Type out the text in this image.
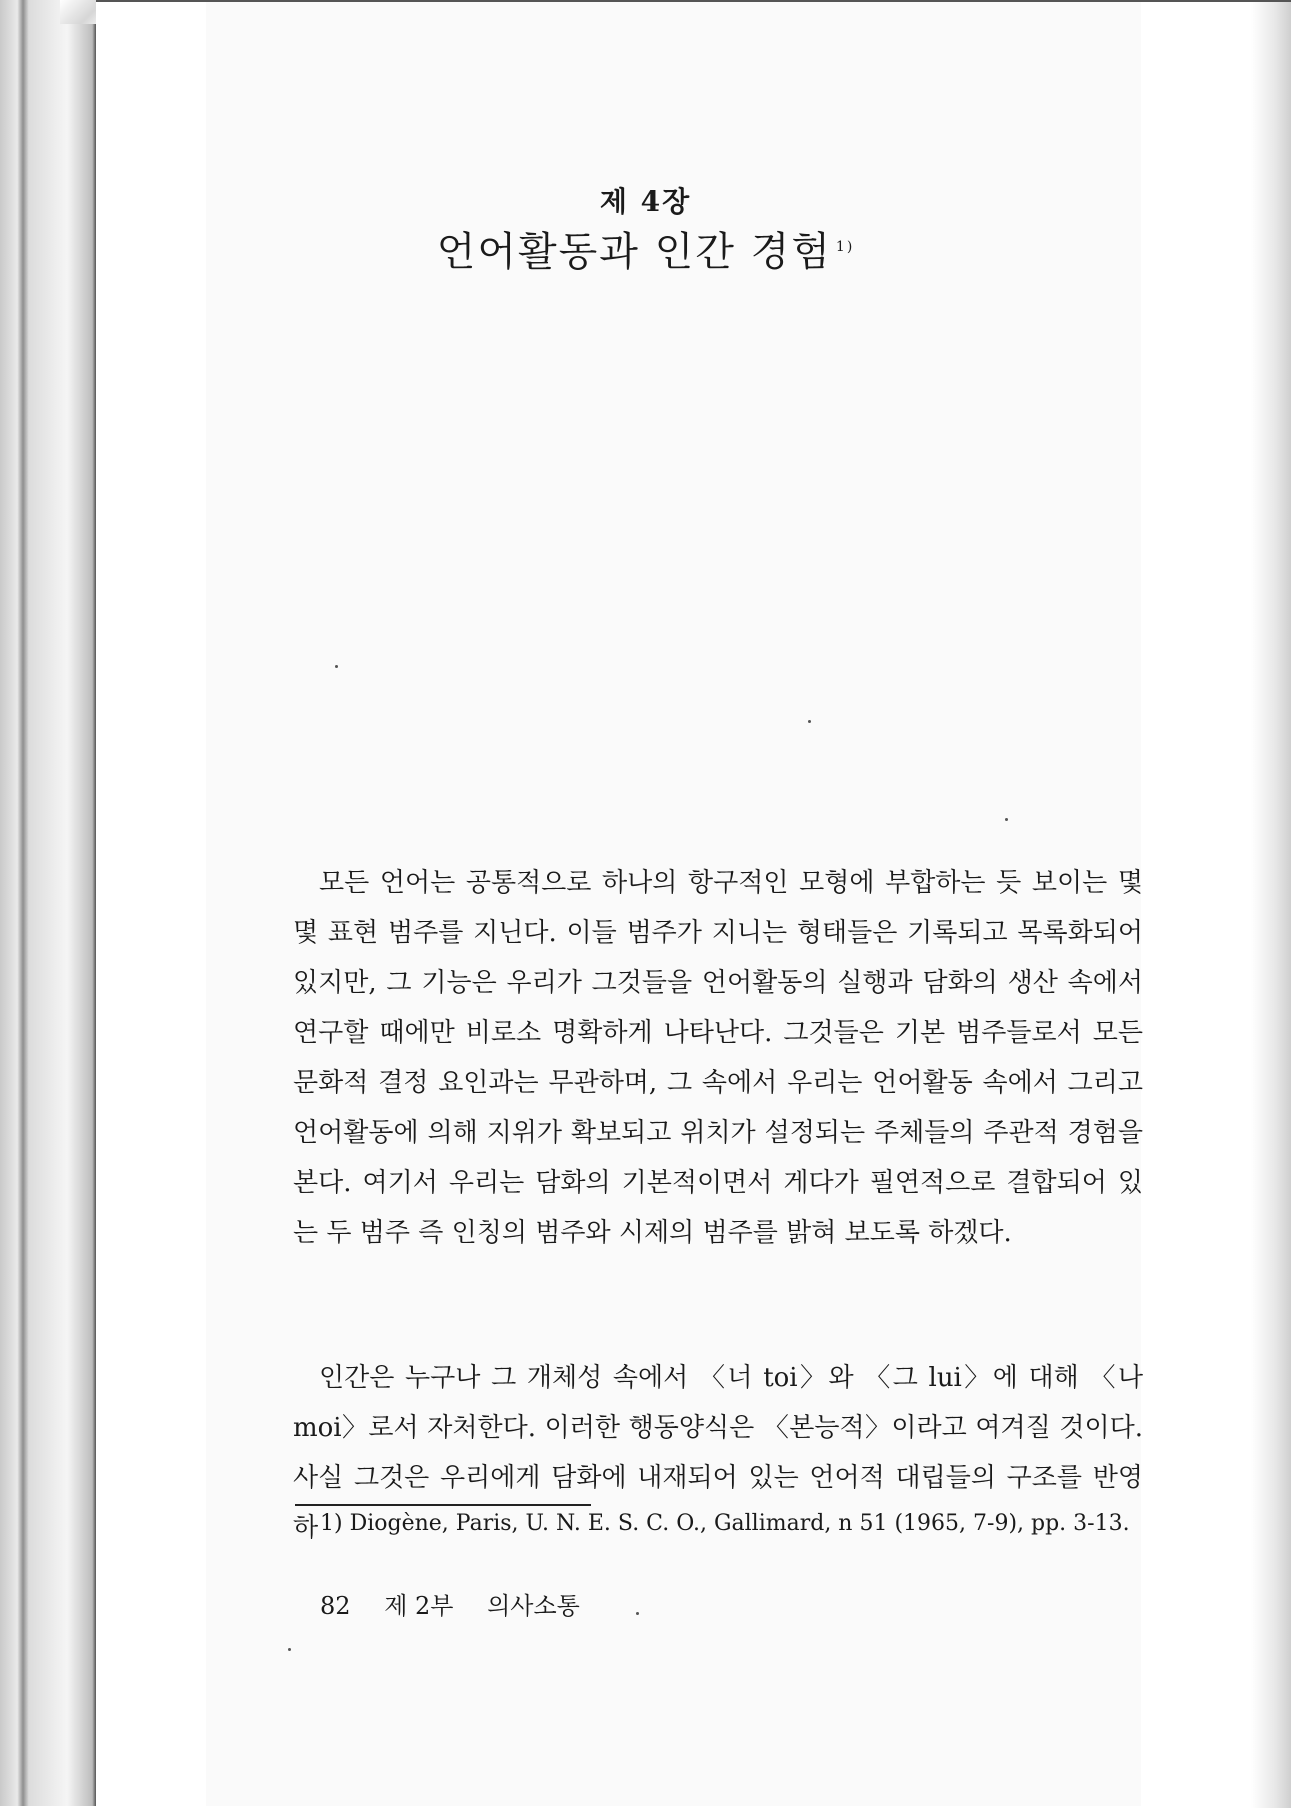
제 4장
언어활동과 인간 경험 $^{1)}$
모든 언어는 공통적으로 하나의 항구적인 모형에 부합하는 듯 보이는 몇몇 표현 범주를 지닌다. 이들 범주가 지니는 형태들은 기록되고 목록화되어 있지만, 그 기능은 우리가 그것들을 언어활동의 실행과 담화의 생산 속에서 연구할 때에만 비로소 명확하게 나타난다. 그것들은 기본 범주들로서 모든 문화적 결정 요인과는 무관하며, 그 속에서 우리는 언어활동 속에서 그리고 언어활동에 의해 지위가 확보되고 위치가 설정되는 주체들의 주관적 경험을 본다. 여기서 우리는 담화의 기본적이면서 게다가 필연적으로 결합되어 있는 두 범주 즉 인칭의 범주와 시제의 범주를 밝혀 보도록 하겠다.
인간은 누구나 그 개체성 속에서 〈너 toi〉와 〈그 lui〉에 대해 〈나 moi〉로서 자처한다. 이러한 행동양식은 〈본능적〉이라고 여겨질 것이다. 사실 그것은 우리에게 담화에 내재되어 있는 언어적 대립들의 구조를 반영하 1) Diogène, Paris, U. N. E. S. C. O., Gallimard, n 51 (1965, 7-9), pp. 3-13.
82 제 2부 의사소통
